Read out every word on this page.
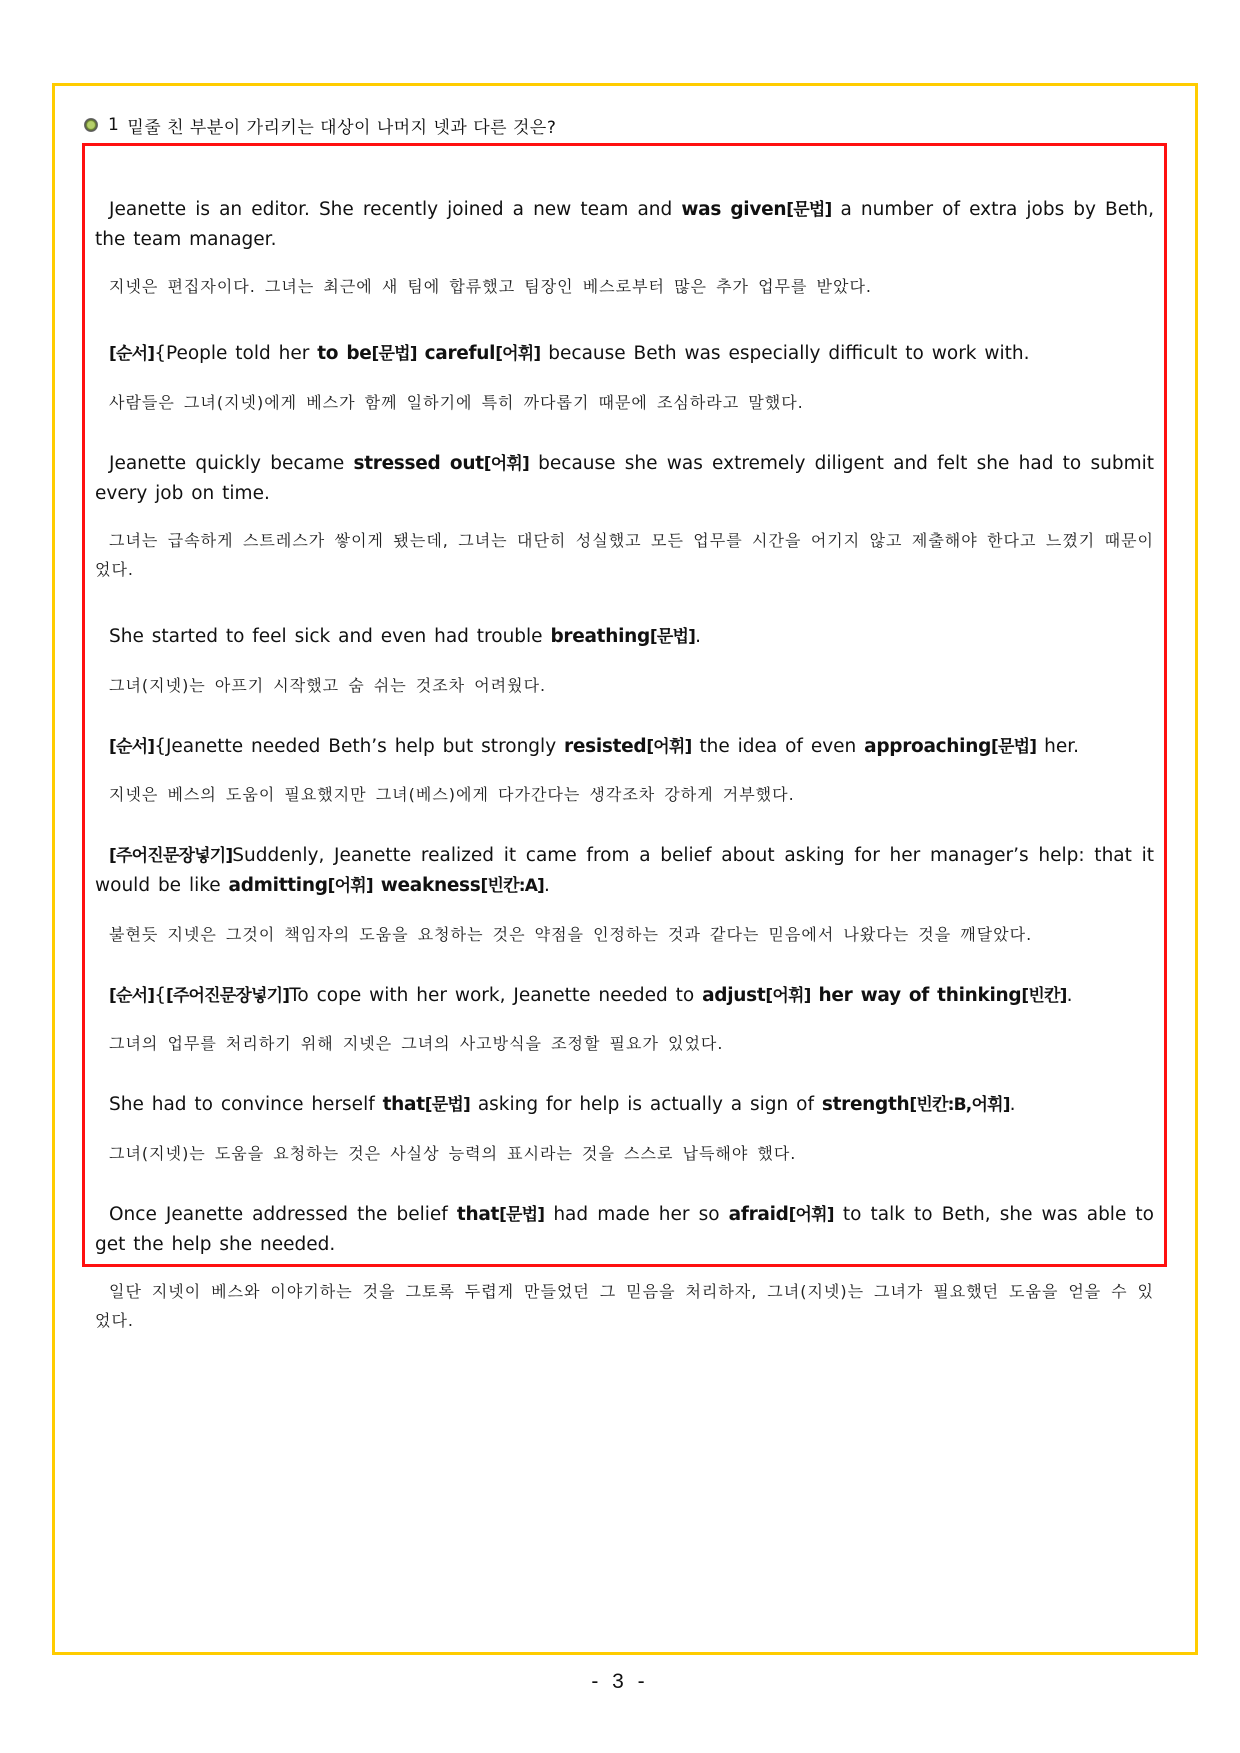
1 밑줄 친 부분이 가리키는 대상이 나머지 넷과 다른 것은?

Jeanette is an editor. She recently joined a new team and was given[문법] a number of extra jobs by Beth, the team manager.

지넷은 편집자이다. 그녀는 최근에 새 팀에 합류했고 팀장인 베스로부터 많은 추가 업무를 받았다.

[순서]{People told her to be[문법] careful[어휘] because Beth was especially difficult to work with.

사람들은 그녀(지넷)에게 베스가 함께 일하기에 특히 까다롭기 때문에 조심하라고 말했다.

Jeanette quickly became stressed out[어휘] because she was extremely diligent and felt she had to submit every job on time.

그녀는 급속하게 스트레스가 쌓이게 됐는데, 그녀는 대단히 성실했고 모든 업무를 시간을 어기지 않고 제출해야 한다고 느꼈기 때문이었다.

She started to feel sick and even had trouble breathing[문법].

그녀(지넷)는 아프기 시작했고 숨 쉬는 것조차 어려웠다.

[순서]{Jeanette needed Beth’s help but strongly resisted[어휘] the idea of even approaching[문법] her.

지넷은 베스의 도움이 필요했지만 그녀(베스)에게 다가간다는 생각조차 강하게 거부했다.

[주어진문장넣기]Suddenly, Jeanette realized it came from a belief about asking for her manager’s help: that it would be like admitting[어휘] weakness[빈칸:A].

불현듯 지넷은 그것이 책임자의 도움을 요청하는 것은 약점을 인정하는 것과 같다는 믿음에서 나왔다는 것을 깨달았다.

[순서]{[주어진문장넣기]To cope with her work, Jeanette needed to adjust[어휘] her way of thinking[빈칸].

그녀의 업무를 처리하기 위해 지넷은 그녀의 사고방식을 조정할 필요가 있었다.

She had to convince herself that[문법] asking for help is actually a sign of strength[빈칸:B,어휘].

그녀(지넷)는 도움을 요청하는 것은 사실상 능력의 표시라는 것을 스스로 납득해야 했다.

Once Jeanette addressed the belief that[문법] had made her so afraid[어휘] to talk to Beth, she was able to get the help she needed.

일단 지넷이 베스와 이야기하는 것을 그토록 두렵게 만들었던 그 믿음을 처리하자, 그녀(지넷)는 그녀가 필요했던 도움을 얻을 수 있었다.

- 3 -
